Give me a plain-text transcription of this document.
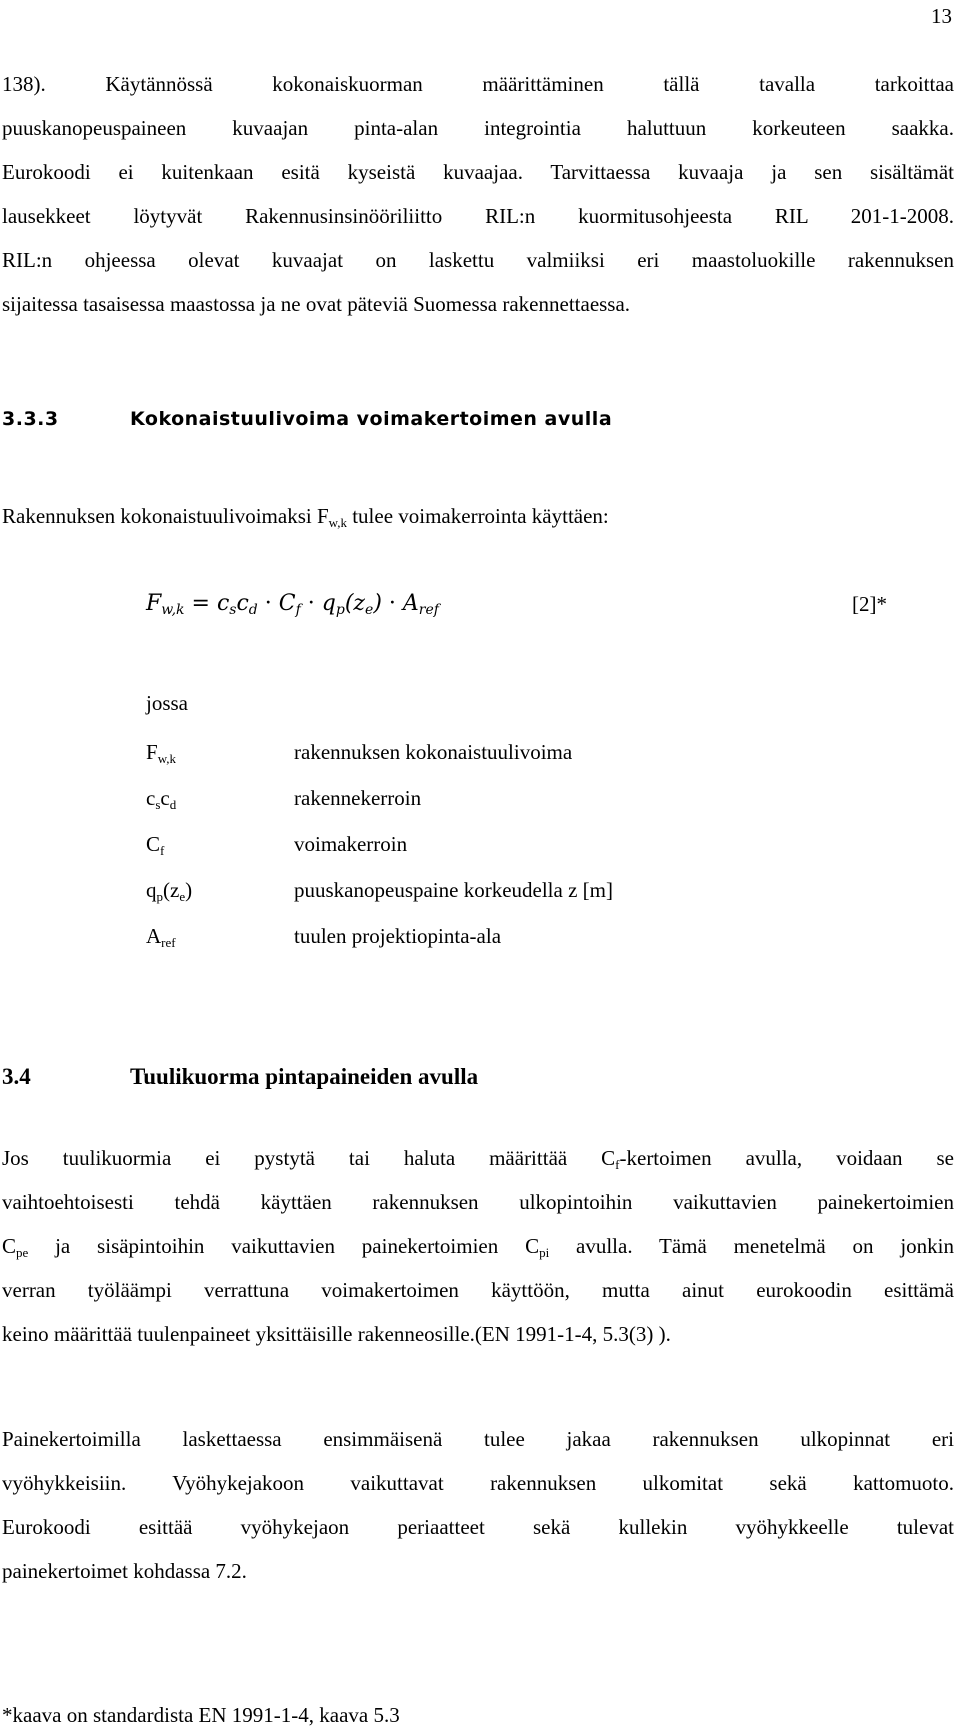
13
138). Käytännössä kokonaiskuorman määrittäminen tällä tavalla tarkoittaa
puuskanopeuspaineen kuvaajan pinta-alan integrointia haluttuun korkeuteen saakka.
Eurokoodi ei kuitenkaan esitä kyseistä kuvaajaa. Tarvittaessa kuvaaja ja sen sisältämät
lausekkeet löytyvät Rakennusinsinööriliitto RIL:n kuormitusohjeesta RIL 201-1-2008.
RIL:n ohjeessa olevat kuvaajat on laskettu valmiiksi eri maastoluokille rakennuksen
sijaitessa tasaisessa maastossa ja ne ovat päteviä Suomessa rakennettaessa.
3.3.3	Kokonaistuulivoima voimakertoimen avulla
Rakennuksen kokonaistuulivoimaksi $F_{w,k}$ tulee voimakerrointa käyttäen:
$F_{w,k} = c_sc_d \cdot C_f \cdot q_p(z_e) \cdot A_{ref}$	[2]*
jossa
$F_{w,k}$	rakennuksen kokonaistuulivoima
$c_sc_d$	rakennekerroin
$C_f$	voimakerroin
$q_p(z_e)$	puuskanopeuspaine korkeudella z [m]
$A_{ref}$	tuulen projektiopinta-ala
3.4	Tuulikuorma pintapaineiden avulla
Jos tuulikuormia ei pystytä tai haluta määrittää $C_f$-kertoimen avulla, voidaan se
vaihtoehtoisesti tehdä käyttäen rakennuksen ulkopintoihin vaikuttavien painekertoimien
$C_{pe}$ ja sisäpintoihin vaikuttavien painekertoimien $C_{pi}$ avulla. Tämä menetelmä on jonkin
verran työläämpi verrattuna voimakertoimen käyttöön, mutta ainut eurokoodin esittämä
keino määrittää tuulenpaineet yksittäisille rakenneosille.(EN 1991-1-4, 5.3(3) ).
Painekertoimilla laskettaessa ensimmäisenä tulee jakaa rakennuksen ulkopinnat eri
vyöhykkeisiin. Vyöhykejakoon vaikuttavat rakennuksen ulkomitat sekä kattomuoto.
Eurokoodi esittää vyöhykejaon periaatteet sekä kullekin vyöhykkeelle tulevat
painekertoimet kohdassa 7.2.
*kaava on standardista EN 1991-1-4, kaava 5.3
